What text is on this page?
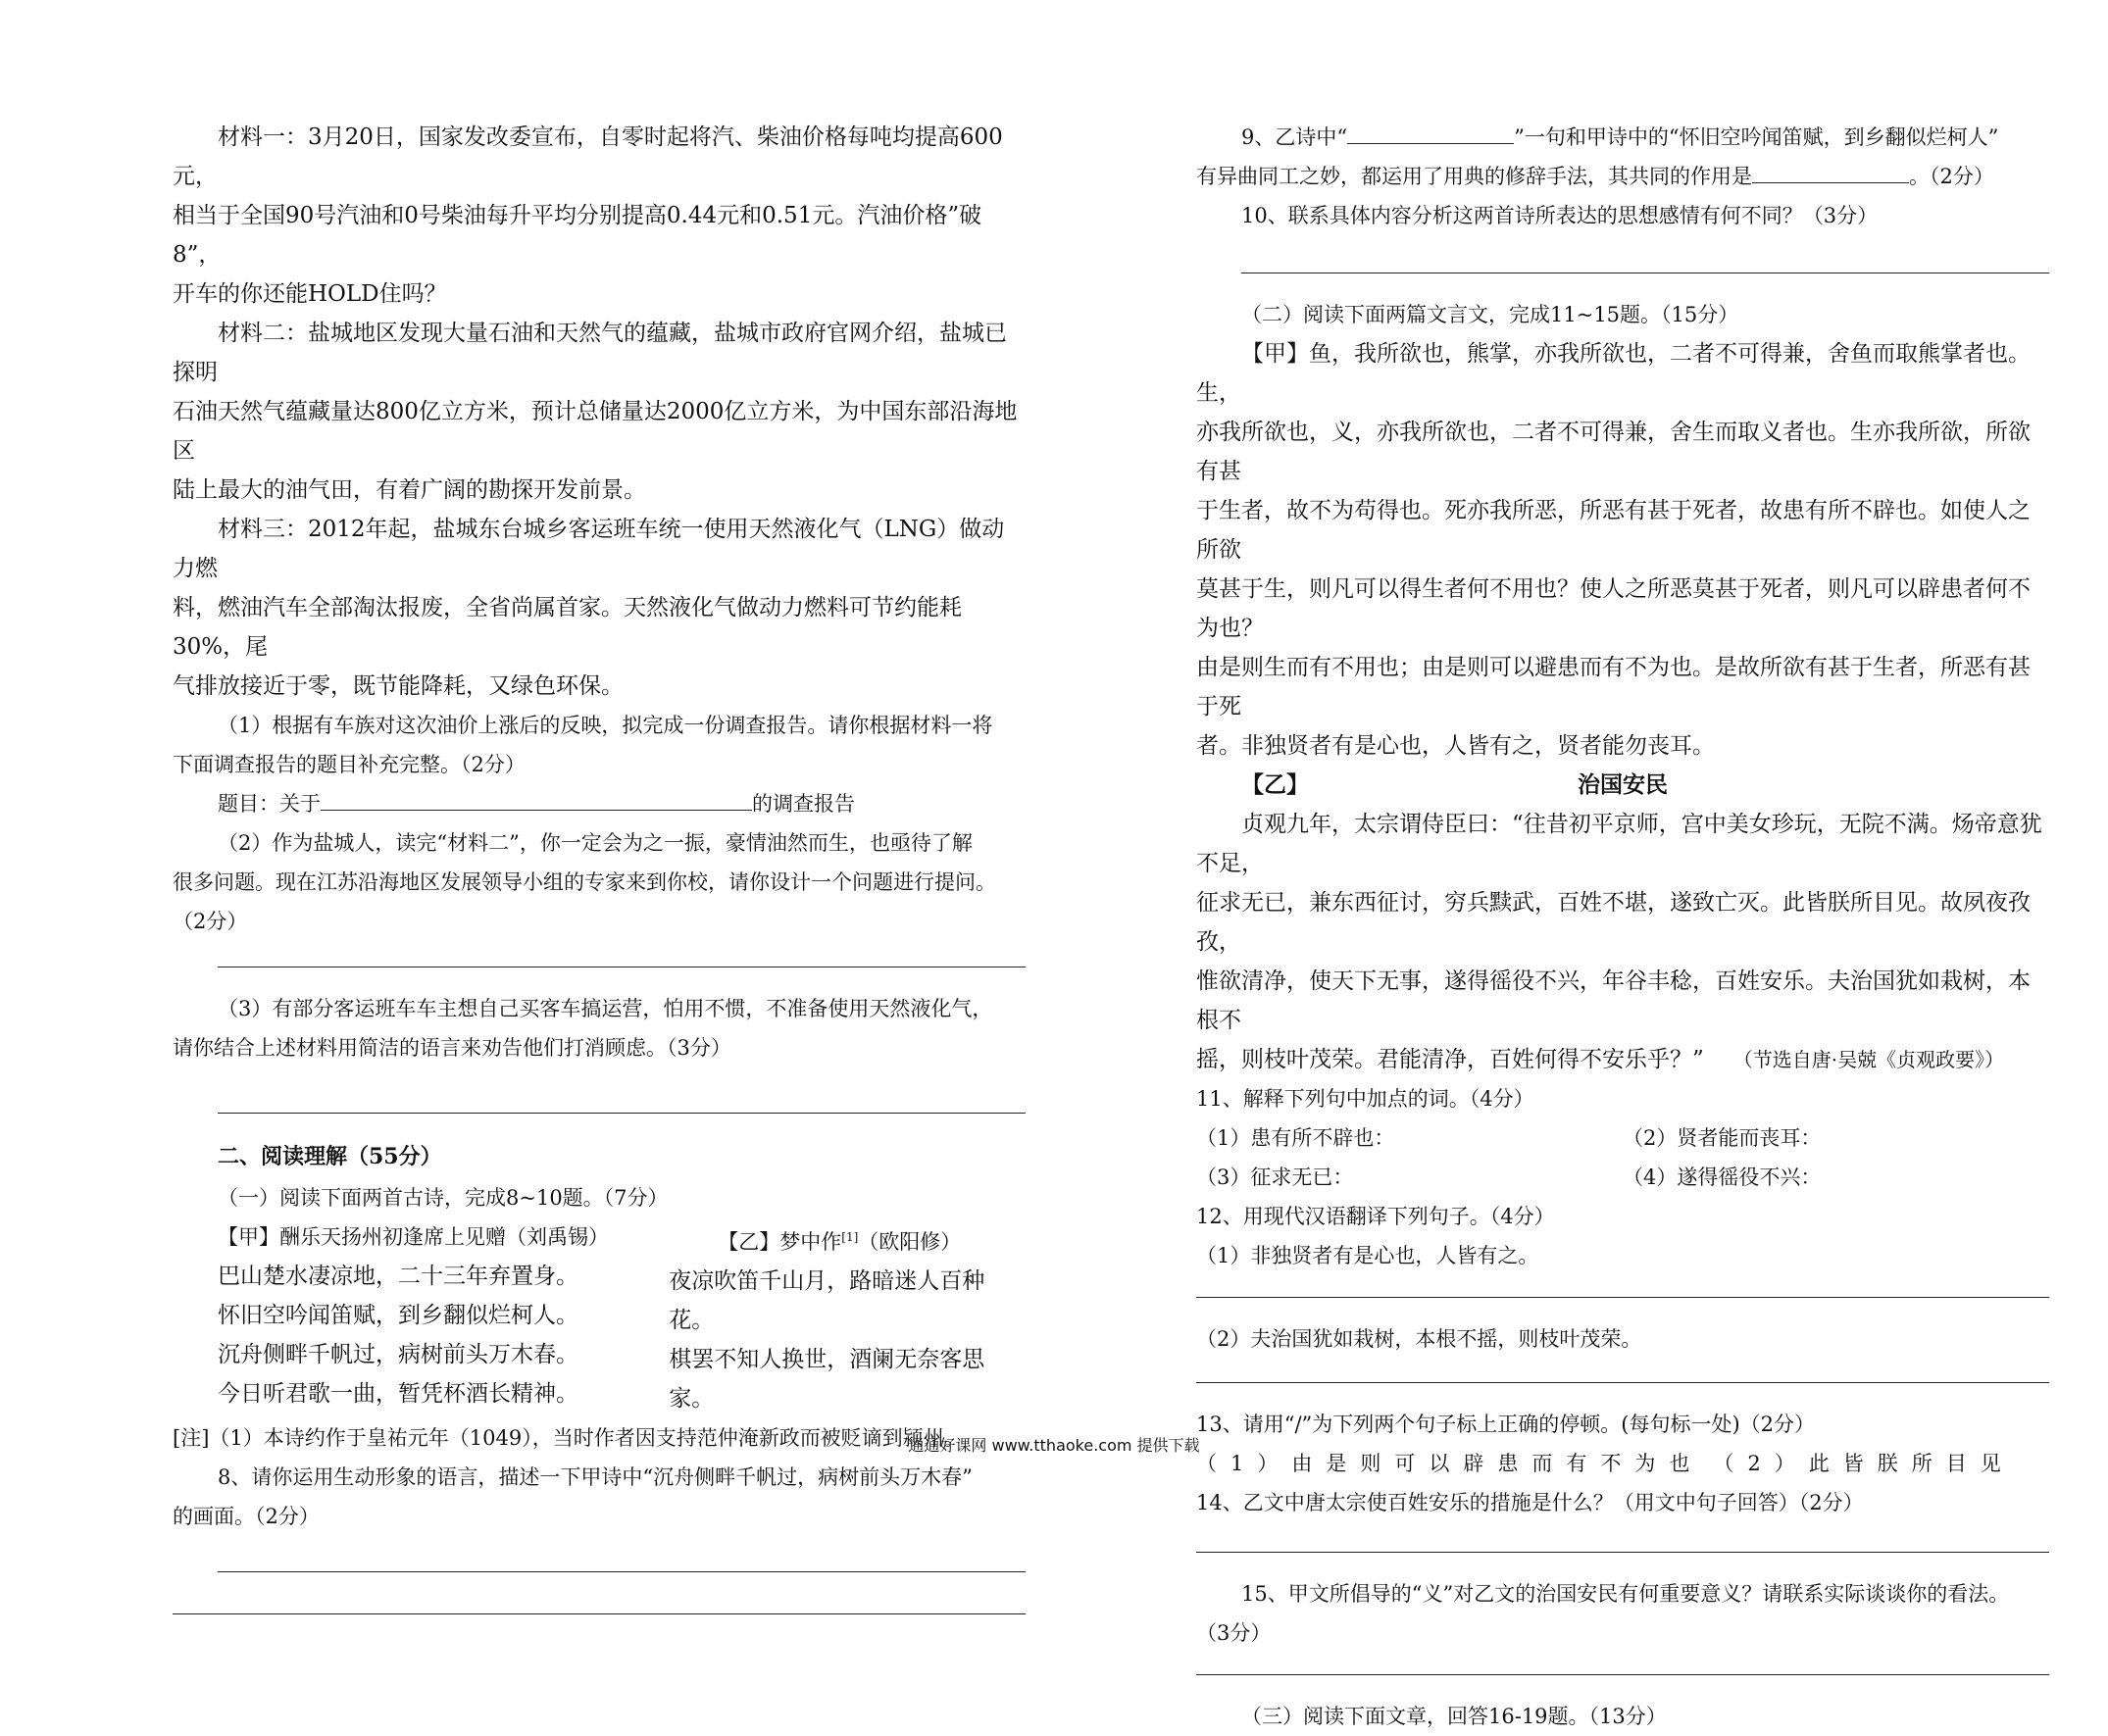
材料一：3月20日，国家发改委宣布，自零时起将汽、柴油价格每吨均提高600元，

相当于全国90号汽油和0号柴油每升平均分别提高0.44元和0.51元。汽油价格”破8”，

开车的你还能HOLD住吗？

材料二：盐城地区发现大量石油和天然气的蕴藏，盐城市政府官网介绍，盐城已探明

石油天然气蕴藏量达800亿立方米，预计总储量达2000亿立方米，为中国东部沿海地区

陆上最大的油气田，有着广阔的勘探开发前景。

材料三：2012年起，盐城东台城乡客运班车统一使用天然液化气（LNG）做动力燃

料，燃油汽车全部淘汰报废，全省尚属首家。天然液化气做动力燃料可节约能耗30%，尾

气排放接近于零，既节能降耗，又绿色环保。

（1）根据有车族对这次油价上涨后的反映，拟完成一份调查报告。请你根据材料一将

下面调查报告的题目补充完整。（2分）

题目：关于	的调查报告

（2）作为盐城人，读完“材料二”，你一定会为之一振，豪情油然而生，也亟待了解

很多问题。现在江苏沿海地区发展领导小组的专家来到你校，请你设计一个问题进行提问。

（2分）

（3）有部分客运班车车主想自己买客车搞运营，怕用不惯，不准备使用天然液化气，

请你结合上述材料用简洁的语言来劝告他们打消顾虑。（3分）

二、阅读理解（55分）

（一）阅读下面两首古诗，完成8~10题。（7分）

【甲】酬乐天扬州初逢席上见赠（刘禹锡）

巴山楚水凄凉地，二十三年弃置身。

怀旧空吟闻笛赋，到乡翻似烂柯人。

沉舟侧畔千帆过，病树前头万木春。

今日听君歌一曲，暂凭杯酒长精神。

【乙】梦中作[1]（欧阳修）

夜凉吹笛千山月，路暗迷人百种花。

棋罢不知人换世，酒阑无奈客思家。

[注]（1）本诗约作于皇祐元年（1049），当时作者因支持范仲淹新政而被贬谪到颍州。

8、请你运用生动形象的语言，描述一下甲诗中“沉舟侧畔千帆过，病树前头万木春”

的画面。（2分）

9、乙诗中“	”一句和甲诗中的“怀旧空吟闻笛赋，到乡翻似烂柯人”

有异曲同工之妙，都运用了用典的修辞手法，其共同的作用是	。（2分）

10、联系具体内容分析这两首诗所表达的思想感情有何不同？（3分）

（二）阅读下面两篇文言文，完成11~15题。（15分）

【甲】鱼，我所欲也，熊掌，亦我所欲也，二者不可得兼，舍鱼而取熊掌者也。生，

亦我所欲也，义，亦我所欲也，二者不可得兼，舍生而取义者也。生亦我所欲，所欲有甚

于生者，故不为苟得也。死亦我所恶，所恶有甚于死者，故患有所不辟也。如使人之所欲

莫甚于生，则凡可以得生者何不用也？使人之所恶莫甚于死者，则凡可以辟患者何不为也？

由是则生而有不用也；由是则可以避患而有不为也。是故所欲有甚于生者，所恶有甚于死

者。非独贤者有是心也，人皆有之，贤者能勿丧耳。

【乙】	治国安民

贞观九年，太宗谓侍臣曰：“往昔初平京师，宫中美女珍玩，无院不满。炀帝意犹不足，

征求无已，兼东西征讨，穷兵黩武，百姓不堪，遂致亡灭。此皆朕所目见。故夙夜孜孜，

惟欲清净，使天下无事，遂得徭役不兴，年谷丰稔，百姓安乐。夫治国犹如栽树，本根不

摇，则枝叶茂荣。君能清净，百姓何得不安乐乎？” （节选自唐·吴兢《贞观政要》）

11、解释下列句中加点的词。（4分）

（1）患有所不辟也：	（2）贤者能而丧耳：

（3）征求无已：	（4）遂得徭役不兴：

12、用现代汉语翻译下列句子。（4分）

（1）非独贤者有是心也，人皆有之。

（2）夫治国犹如栽树，本根不摇，则枝叶茂荣。

13、请用“/”为下列两个句子标上正确的停顿。(每句标一处)（2分）

（1）由是则可以辟患而有不为也 （2）此皆朕所目见

14、乙文中唐太宗使百姓安乐的措施是什么？（用文中句子回答）（2分）

15、甲文所倡导的“义”对乙文的治国安民有何重要意义？请联系实际谈谈你的看法。

（3分）

（三）阅读下面文章，回答16-19题。（13分）

通通好课网 www.tthaoke.com 提供下载
